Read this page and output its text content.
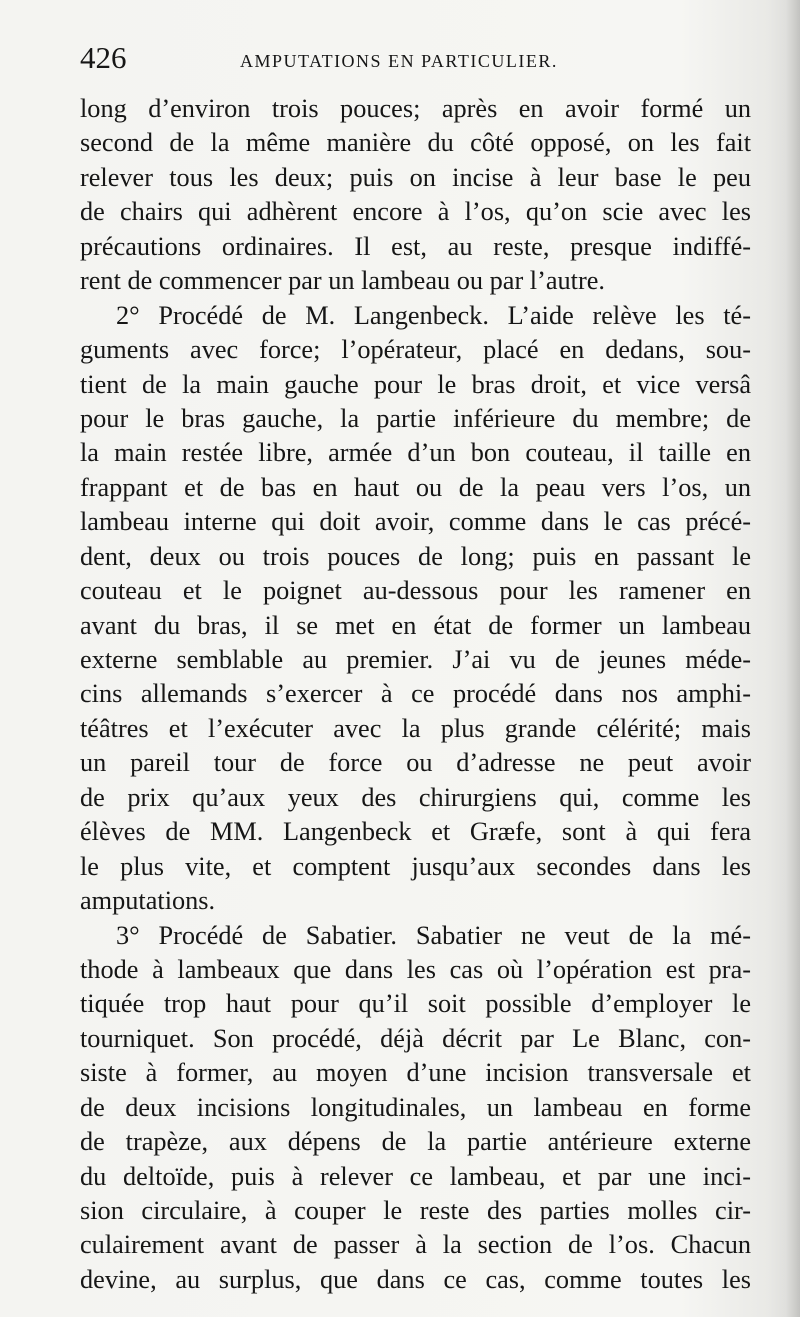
426	AMPUTATIONS EN PARTICULIER.
long d’environ trois pouces; après en avoir formé un
second de la même manière du côté opposé, on les fait
relever tous les deux; puis on incise à leur base le peu
de chairs qui adhèrent encore à l’os, qu’on scie avec les
précautions ordinaires. Il est, au reste, presque indiffé-
rent de commencer par un lambeau ou par l’autre.
2° Procédé de M. Langenbeck. L’aide relève les té-
guments avec force; l’opérateur, placé en dedans, sou-
tient de la main gauche pour le bras droit, et vice versâ
pour le bras gauche, la partie inférieure du membre; de
la main restée libre, armée d’un bon couteau, il taille en
frappant et de bas en haut ou de la peau vers l’os, un
lambeau interne qui doit avoir, comme dans le cas précé-
dent, deux ou trois pouces de long; puis en passant le
couteau et le poignet au-dessous pour les ramener en
avant du bras, il se met en état de former un lambeau
externe semblable au premier. J’ai vu de jeunes méde-
cins allemands s’exercer à ce procédé dans nos amphi-
téâtres et l’exécuter avec la plus grande célérité; mais
un pareil tour de force ou d’adresse ne peut avoir
de prix qu’aux yeux des chirurgiens qui, comme les
élèves de MM. Langenbeck et Græfe, sont à qui fera
le plus vite, et comptent jusqu’aux secondes dans les
amputations.
3° Procédé de Sabatier. Sabatier ne veut de la mé-
thode à lambeaux que dans les cas où l’opération est pra-
tiquée trop haut pour qu’il soit possible d’employer le
tourniquet. Son procédé, déjà décrit par Le Blanc, con-
siste à former, au moyen d’une incision transversale et
de deux incisions longitudinales, un lambeau en forme
de trapèze, aux dépens de la partie antérieure externe
du deltoïde, puis à relever ce lambeau, et par une inci-
sion circulaire, à couper le reste des parties molles cir-
culairement avant de passer à la section de l’os. Chacun
devine, au surplus, que dans ce cas, comme toutes les
